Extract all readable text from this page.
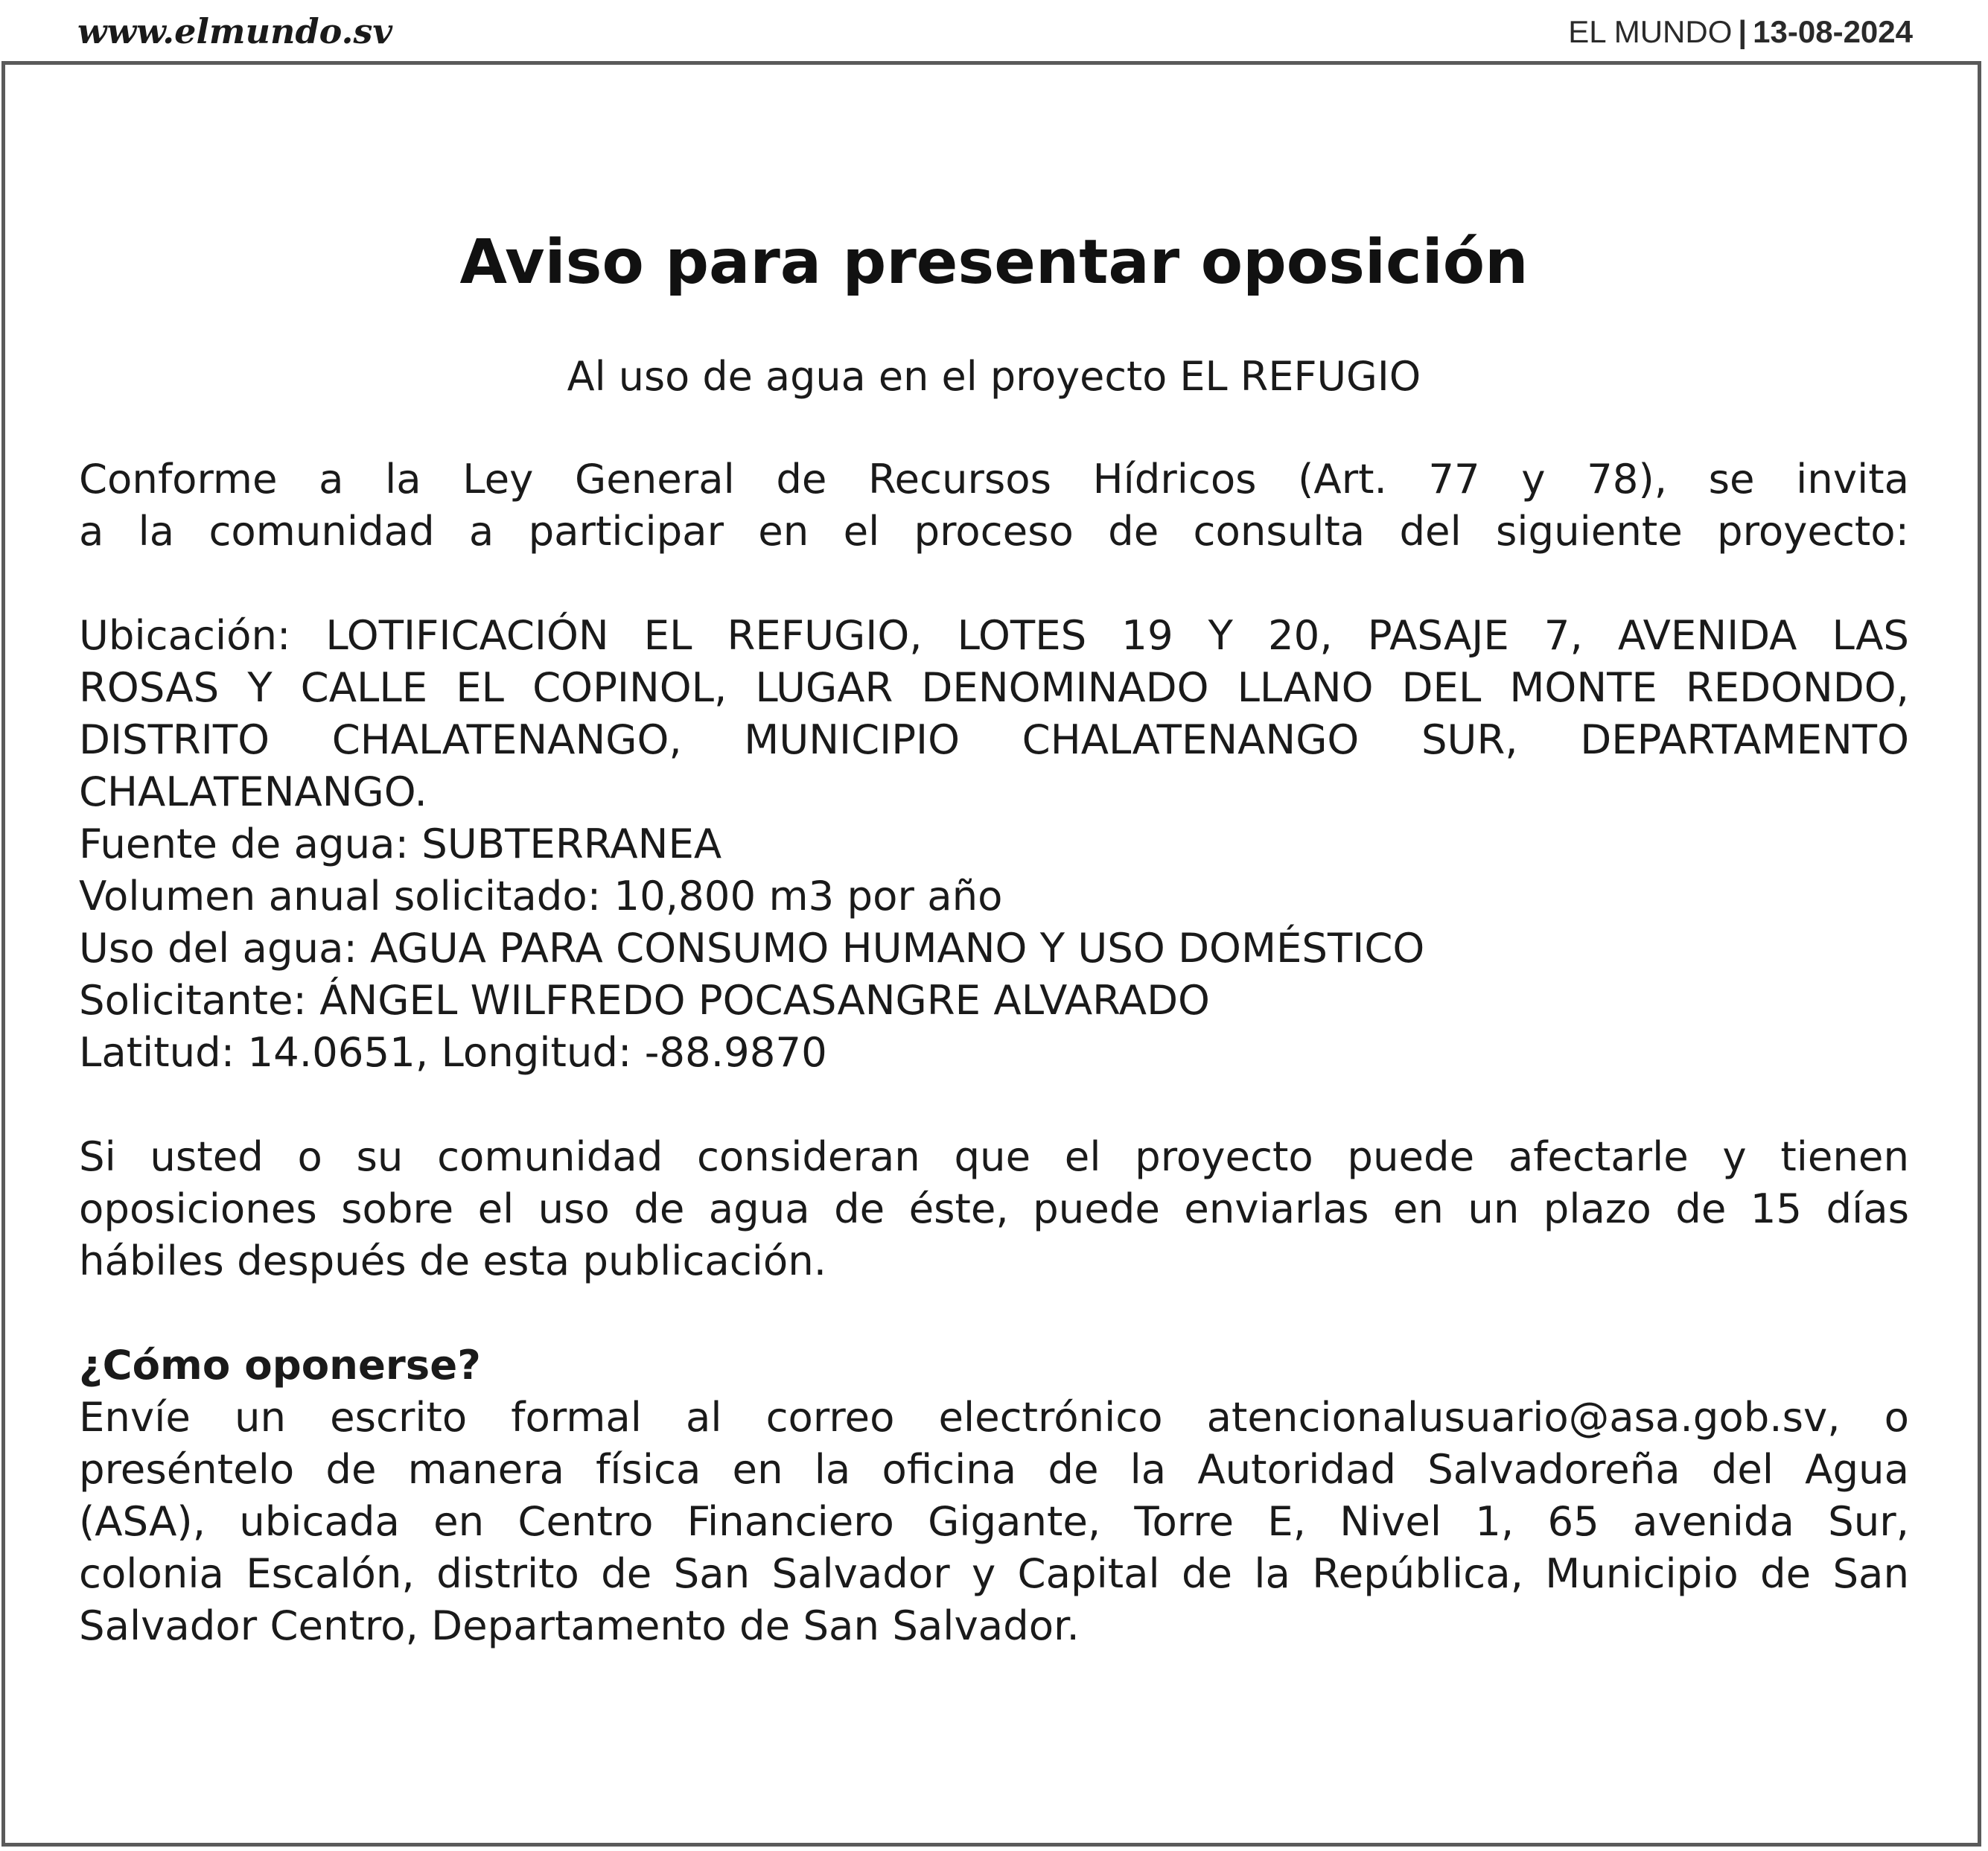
www.elmundo.sv	EL MUNDO | 13-08-2024
Aviso para presentar oposición

Al uso de agua en el proyecto EL REFUGIO

Conforme a la Ley General de Recursos Hídricos (Art. 77 y 78), se invita

a la comunidad a participar en el proceso de consulta del siguiente proyecto:

Ubicación: LOTIFICACIÓN EL REFUGIO, LOTES 19 Y 20, PASAJE 7, AVENIDA LAS

ROSAS Y CALLE EL COPINOL, LUGAR DENOMINADO LLANO DEL MONTE REDONDO,

DISTRITO CHALATENANGO, MUNICIPIO CHALATENANGO SUR, DEPARTAMENTO

CHALATENANGO.

Fuente de agua: SUBTERRANEA

Volumen anual solicitado: 10,800 m3 por año

Uso del agua: AGUA PARA CONSUMO HUMANO Y USO DOMÉSTICO

Solicitante: ÁNGEL WILFREDO POCASANGRE ALVARADO

Latitud: 14.0651, Longitud: -88.9870

Si usted o su comunidad consideran que el proyecto puede afectarle y tienen

oposiciones sobre el uso de agua de éste, puede enviarlas en un plazo de 15 días

hábiles después de esta publicación.

¿Cómo oponerse?

Envíe un escrito formal al correo electrónico atencionalusuario@asa.gob.sv, o

preséntelo de manera física en la oficina de la Autoridad Salvadoreña del Agua

(ASA), ubicada en Centro Financiero Gigante, Torre E, Nivel 1, 65 avenida Sur,

colonia Escalón, distrito de San Salvador y Capital de la República, Municipio de San

Salvador Centro, Departamento de San Salvador.
